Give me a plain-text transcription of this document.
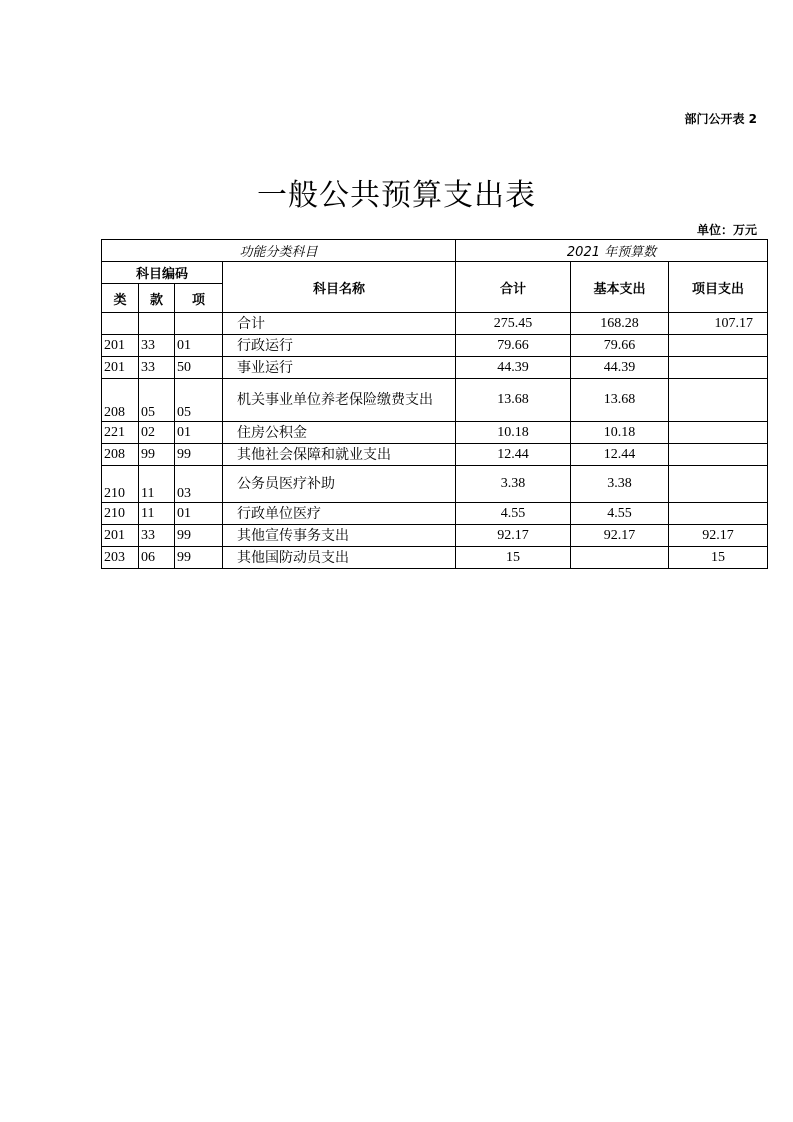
部门公开表 2
一般公共预算支出表
单位：万元
功能分类科目				2021 年预算数		
科目编码			科目名称	合计	基本支出	项目支出
类	款	项				
			合计	275.45	168.28	107.17
201	33	01	行政运行	79.66	79.66	
201	33	50	事业运行	44.39	44.39	
208	05	05	机关事业单位养老保险缴费支出	13.68	13.68	
221	02	01	住房公积金	10.18	10.18	
208	99	99	其他社会保障和就业支出	12.44	12.44	
210	11	03	公务员医疗补助	3.38	3.38	
210	11	01	行政单位医疗	4.55	4.55	
201	33	99	其他宣传事务支出	92.17	92.17	92.17
203	06	99	其他国防动员支出	15		15
